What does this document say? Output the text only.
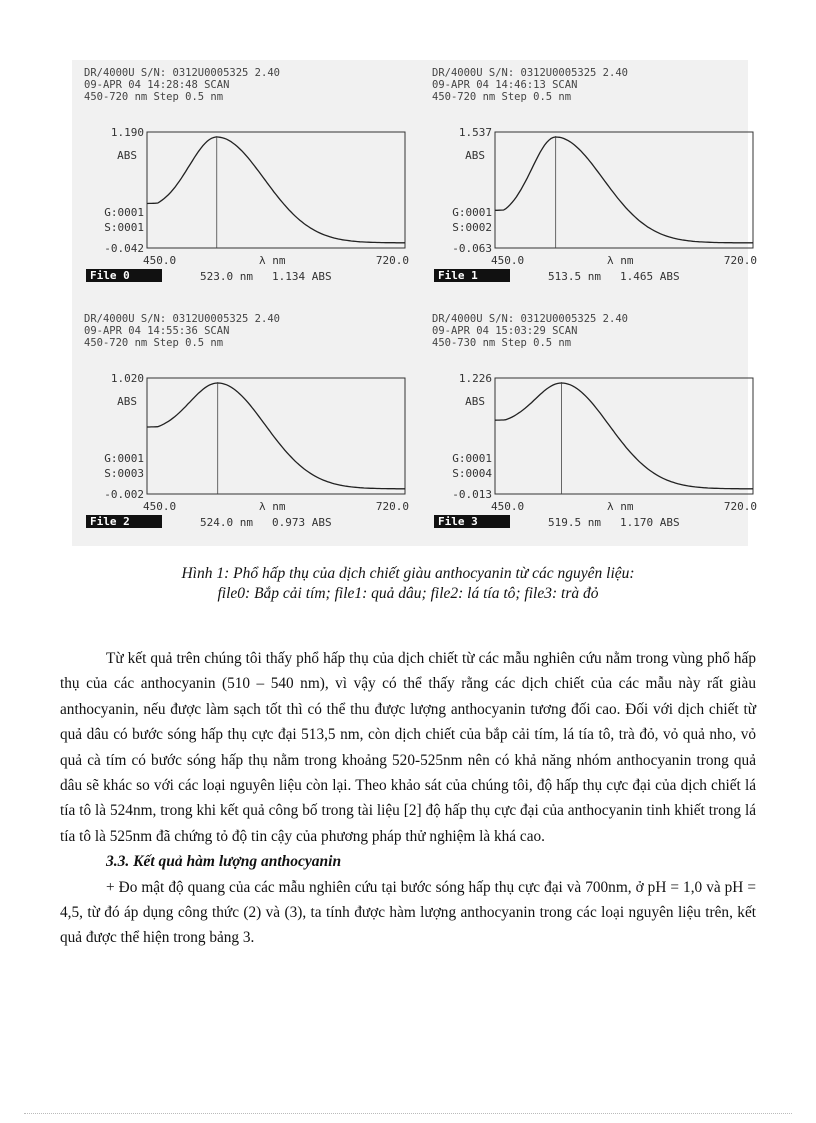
DR/4000U S/N: 0312U0005325 2.40
09-APR 04 14:28:48 SCAN
450-720 nm Step 0.5 nm
1.190
ABS
G:0001
S:0001
-0.042
450.0	λ nm	720.0
File 0	523.0 nm 1.134 ABS
DR/4000U S/N: 0312U0005325 2.40
09-APR 04 14:46:13 SCAN
450-720 nm Step 0.5 nm
1.537
ABS
G:0001
S:0002
-0.063
450.0	λ nm	720.0
File 1	513.5 nm 1.465 ABS
DR/4000U S/N: 0312U0005325 2.40
09-APR 04 14:55:36 SCAN
450-720 nm Step 0.5 nm
1.020
ABS
G:0001
S:0003
-0.002
450.0	λ nm	720.0
File 2	524.0 nm 0.973 ABS
DR/4000U S/N: 0312U0005325 2.40
09-APR 04 15:03:29 SCAN
450-730 nm Step 0.5 nm
1.226
ABS
G:0001
S:0004
-0.013
450.0	λ nm	720.0
File 3	519.5 nm 1.170 ABS
Hình 1: Phổ hấp thụ của dịch chiết giàu anthocyanin từ các nguyên liệu:
file0: Bắp cải tím; file1: quả dâu; file2: lá tía tô; file3: trà đỏ

Từ kết quả trên chúng tôi thấy phổ hấp thụ của dịch chiết từ các mẫu nghiên cứu nằm trong vùng phổ hấp thụ của các anthocyanin (510 – 540 nm), vì vậy có thể thấy rằng các dịch chiết của các mẫu này rất giàu anthocyanin, nếu được làm sạch tốt thì có thể thu được lượng anthocyanin tương đối cao. Đối với dịch chiết từ quả dâu có bước sóng hấp thụ cực đại 513,5 nm, còn dịch chiết của bắp cải tím, lá tía tô, trà đỏ, vỏ quả nho, vỏ quả cà tím có bước sóng hấp thụ nằm trong khoảng 520-525nm nên có khả năng nhóm anthocyanin trong quả dâu sẽ khác so với các loại nguyên liệu còn lại. Theo khảo sát của chúng tôi, độ hấp thụ cực đại của dịch chiết lá tía tô là 524nm, trong khi kết quả công bố trong tài liệu [2] độ hấp thụ cực đại của anthocyanin tinh khiết trong lá tía tô là 525nm đã chứng tỏ độ tin cậy của phương pháp thử nghiệm là khá cao.

3.3. Kết quả hàm lượng anthocyanin

+ Đo mật độ quang của các mẫu nghiên cứu tại bước sóng hấp thụ cực đại và 700nm, ở pH = 1,0 và pH = 4,5, từ đó áp dụng công thức (2) và (3), ta tính được hàm lượng anthocyanin trong các loại nguyên liệu trên, kết quả được thể hiện trong bảng 3.
